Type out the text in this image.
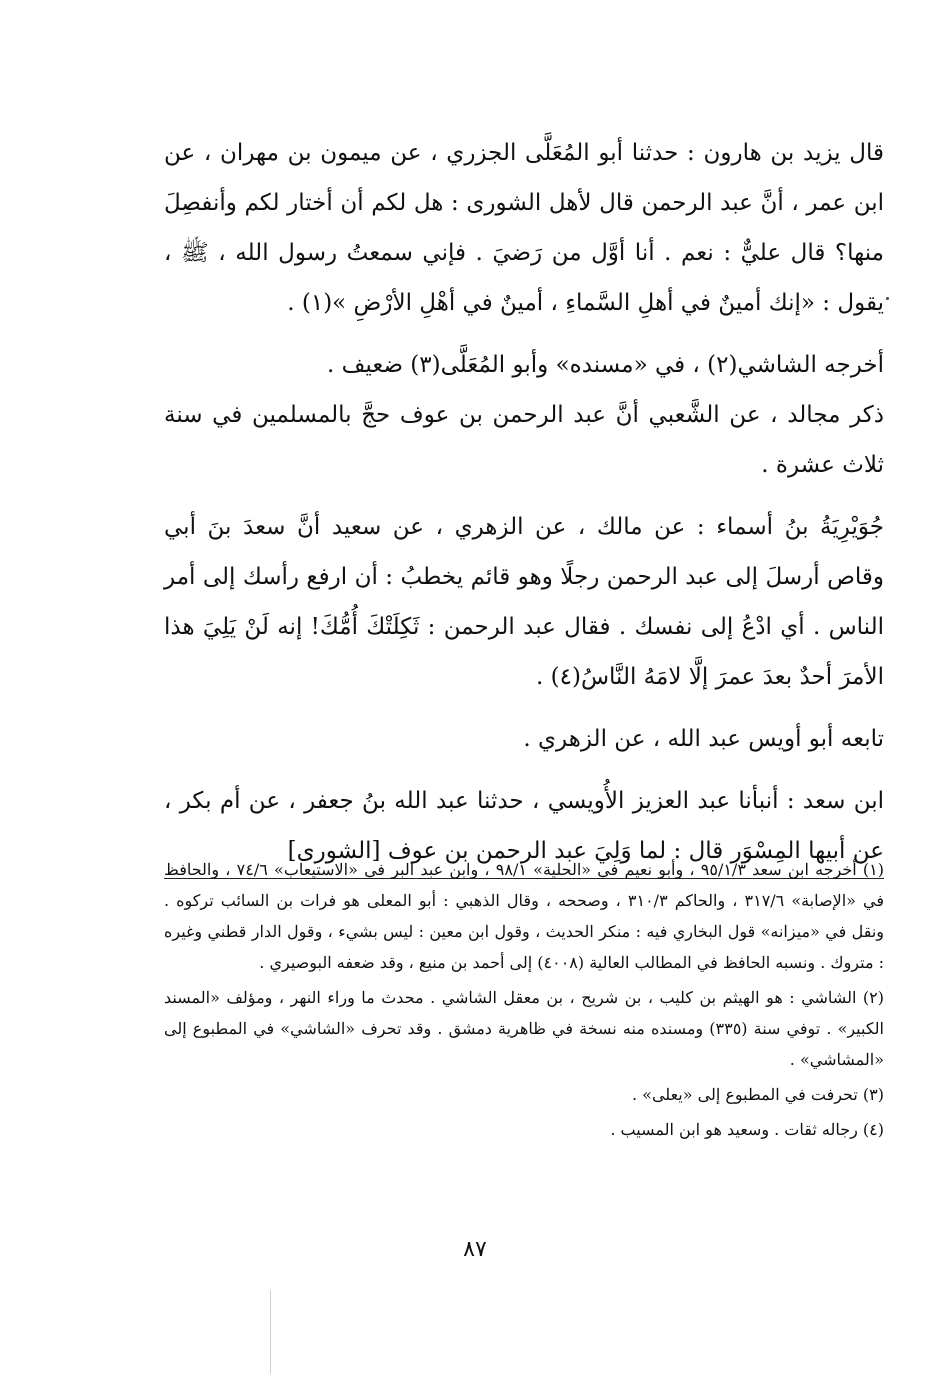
قال يزيد بن هارون : حدثنا أبو المُعَلَّى الجزري ، عن ميمون بن مهران ، عن ابن عمر ، أنَّ عبد الرحمن قال لأهل الشورى : هل لكم أن أختار لكم وأنفصِلَ منها؟ قال عليٌّ : نعم . أنا أوَّل من رَضيَ . فإني سمعتُ رسول الله ، ﷺ ، يقول : «إنك أمينٌ في أهلِ السَّماءِ ، أمينٌ في أهْلِ الأرْضِ »(١) .

أخرجه الشاشي(٢) ، في «مسنده» وأبو المُعَلَّى(٣) ضعيف .

ذكر مجالد ، عن الشَّعبي أنَّ عبد الرحمن بن عوف حجَّ بالمسلمين في سنة ثلاث عشرة .

جُوَيْرِيَةُ بنُ أسماء : عن مالك ، عن الزهري ، عن سعيد أنَّ سعدَ بنَ أبي وقاص أرسلَ إلى عبد الرحمن رجلًا وهو قائم يخطبُ : أن ارفع رأسك إلى أمر الناس . أي ادْعُ إلى نفسك . فقال عبد الرحمن : ثَكِلَتْكَ أُمُّكَ! إنه لَنْ يَلِيَ هذا الأمرَ أحدٌ بعدَ عمرَ إلَّا لامَهُ النَّاسُ(٤) .

تابعه أبو أويس عبد الله ، عن الزهري .

ابن سعد : أنبأنا عبد العزيز الأُويسي ، حدثنا عبد الله بنُ جعفر ، عن أم بكر ، عن أبيها المِسْوَر قال : لما وَلِيَ عبد الرحمن بن عوف [الشورى]

(١) أخرجه ابن سعد ٩٥/١/٣ ، وأبو نعيم في «الحلية» ٩٨/١ ، وابن عبد البر في «الاستيعاب» ٧٤/٦ ، والحافظ في «الإصابة» ٣١٧/٦ ، والحاكم ٣١٠/٣ ، وصححه ، وقال الذهبي : أبو المعلى هو فرات بن السائب تركوه . ونقل في «ميزانه» قول البخاري فيه : منكر الحديث ، وقول ابن معين : ليس بشيء ، وقول الدار قطني وغيره : متروك . ونسبه الحافظ في المطالب العالية (٤٠٠٨) إلى أحمد بن منيع ، وقد ضعفه البوصيري .

(٢) الشاشي : هو الهيثم بن كليب ، بن شريح ، بن معقل الشاشي . محدث ما وراء النهر ، ومؤلف «المسند الكبير» . توفي سنة (٣٣٥) ومسنده منه نسخة في ظاهرية دمشق . وقد تحرف «الشاشي» في المطبوع إلى «المشاشي» .

(٣) تحرفت في المطبوع إلى «يعلى» .

(٤) رجاله ثقات . وسعيد هو ابن المسيب .

٨٧
